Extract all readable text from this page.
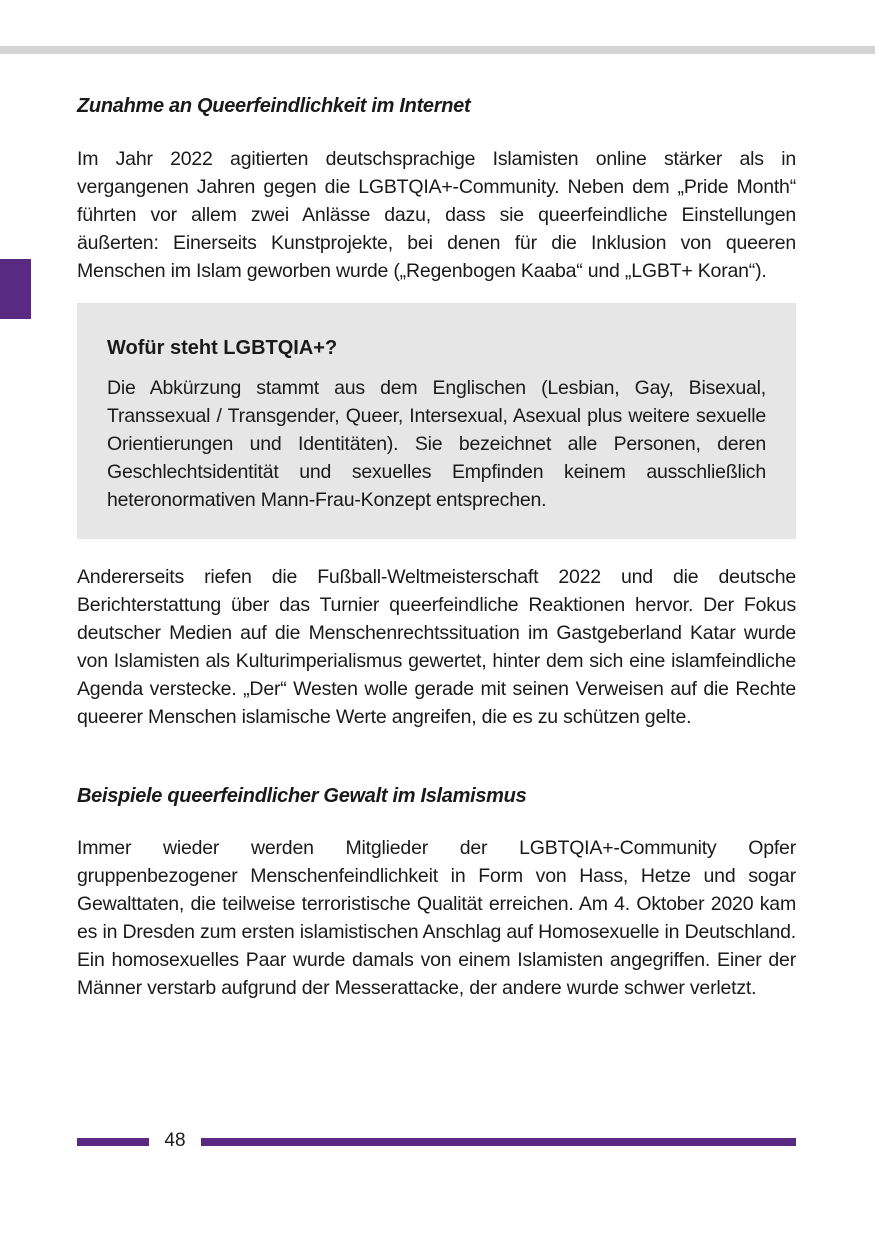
Zunahme an Queerfeindlichkeit im Internet

Im Jahr 2022 agitierten deutschsprachige Islamisten online stärker als in vergangenen Jahren gegen die LGBTQIA+-Community. Neben dem „Pride Month“ führten vor allem zwei Anlässe dazu, dass sie queerfeindliche Einstellungen äußerten: Einerseits Kunstprojekte, bei denen für die Inklusion von queeren Menschen im Islam geworben wurde („Regenbogen Kaaba“ und „LGBT+ Koran“).

Wofür steht LGBTQIA+?

Die Abkürzung stammt aus dem Englischen (Lesbian, Gay, Bisexual, Transsexual / Transgender, Queer, Intersexual, Asexual plus weitere sexuelle Orientierungen und Identitäten). Sie bezeichnet alle Personen, deren Geschlechtsidentität und sexuelles Empfinden keinem ausschließlich heteronormativen Mann-Frau-Konzept entsprechen.

Andererseits riefen die Fußball-Weltmeisterschaft 2022 und die deutsche Berichterstattung über das Turnier queerfeindliche Reaktionen hervor. Der Fokus deutscher Medien auf die Menschenrechtssituation im Gastgeberland Katar wurde von Islamisten als Kulturimperialismus gewertet, hinter dem sich eine islamfeindliche Agenda verstecke. „Der“ Westen wolle gerade mit seinen Verweisen auf die Rechte queerer Menschen islamische Werte angreifen, die es zu schützen gelte.

Beispiele queerfeindlicher Gewalt im Islamismus

Immer wieder werden Mitglieder der LGBTQIA+-Community Opfer gruppenbezogener Menschenfeindlichkeit in Form von Hass, Hetze und sogar Gewalttaten, die teilweise terroristische Qualität erreichen. Am 4. Oktober 2020 kam es in Dresden zum ersten islamistischen Anschlag auf Homosexuelle in Deutschland. Ein homosexuelles Paar wurde damals von einem Islamisten angegriffen. Einer der Männer verstarb aufgrund der Messerattacke, der andere wurde schwer verletzt.

48
